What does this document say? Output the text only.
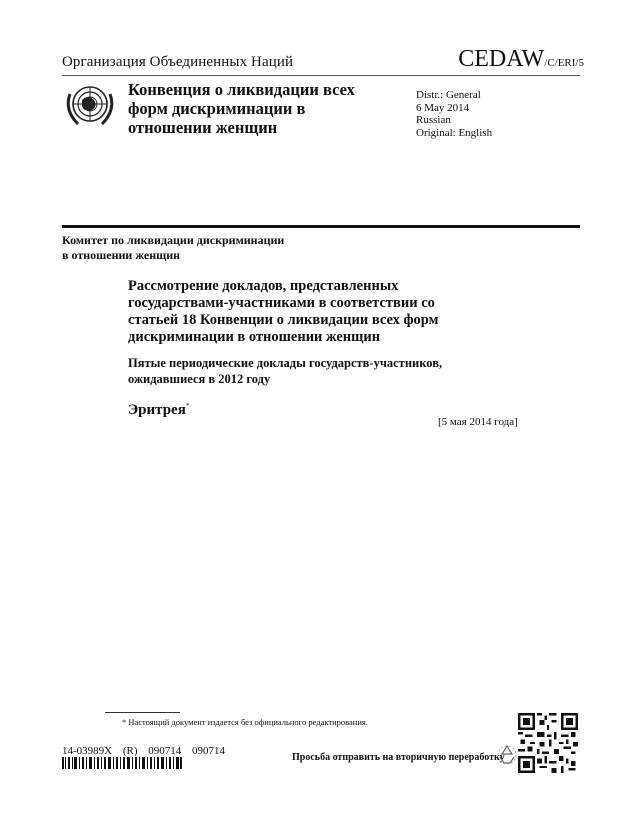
Организация Объединенных Наций	CEDAW/C/ERI/5
Конвенция о ликвидации всех форм дискриминации в отношении женщин
Distr.: General
6 May 2014
Russian
Original: English
Комитет по ликвидации дискриминации
в отношении женщин
Рассмотрение докладов, представленных государствами-участниками в соответствии со статьей 18 Конвенции о ликвидации всех форм дискриминации в отношении женщин
Пятые периодические доклады государств-участников, ожидавшиеся в 2012 году
Эритрея*
[5 мая 2014 года]
* Настоящий документ издается без официального редактирования.
14-03989X (R) 090714 090714
Просьба отправить на вторичную переработку
